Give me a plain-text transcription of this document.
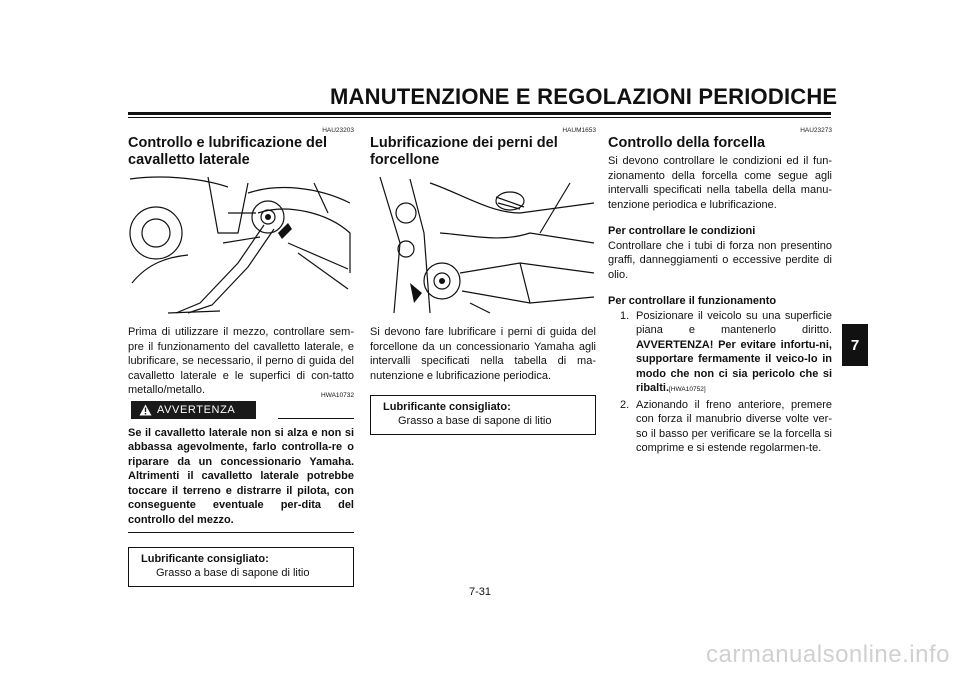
MANUTENZIONE E REGOLAZIONI PERIODICHE
7
HAU23203
Controllo e lubrificazione del cavalletto laterale

Prima di utilizzare il mezzo, controllare sem-pre il funzionamento del cavalletto laterale, e lubrificare, se necessario, il perno di guida del cavalletto laterale e le superfici di con-tatto metallo/metallo.	HWA10732
AVVERTENZA

Se il cavalletto laterale non si alza e non si abbassa agevolmente, farlo controlla-re o riparare da un concessionario Yamaha. Altrimenti il cavalletto laterale potrebbe toccare il terreno e distrarre il pilota, con conseguente eventuale per-dita del controllo del mezzo.

Lubrificante consigliato:
Grasso a base di sapone di litio
HAUM1653
Lubrificazione dei perni del forcellone

Si devono fare lubrificare i perni di guida del forcellone da un concessionario Yamaha agli intervalli specificati nella tabella di ma-nutenzione e lubrificazione periodica.

Lubrificante consigliato:
Grasso a base di sapone di litio
HAU23273
Controllo della forcella

Si devono controllare le condizioni ed il fun-zionamento della forcella come segue agli intervalli specificati nella tabella della manu-tenzione periodica e lubrificazione.

Per controllare le condizioni

Controllare che i tubi di forza non presentino graffi, danneggiamenti o eccessive perdite di olio.

Per controllare il funzionamento
1. Posizionare il veicolo su una superficie piana e mantenerlo diritto. AVVERTENZA! Per evitare infortu-ni, supportare fermamente il veico-lo in modo che non ci sia pericolo che si ribalti.[HWA10752]
2. Azionando il freno anteriore, premere con forza il manubrio diverse volte ver-so il basso per verificare se la forcella si comprime e si estende regolarmen-te.
7-31
carmanualsonline.info
